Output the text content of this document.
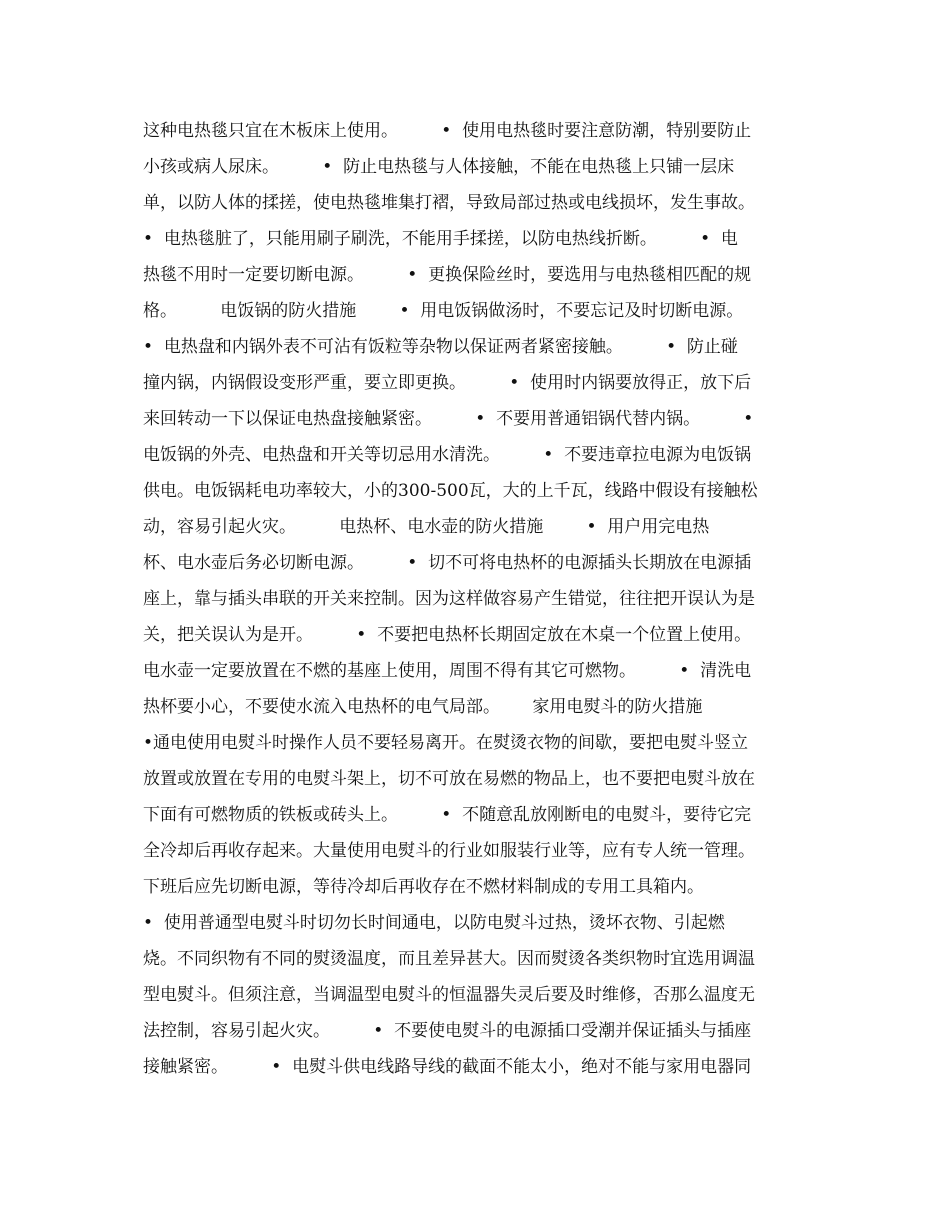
这种电热毯只宜在木板床上使用。        •  使用电热毯时要注意防潮，特别要防止
小孩或病人尿床。        •  防止电热毯与人体接触，不能在电热毯上只铺一层床
单，以防人体的揉搓，使电热毯堆集打褶，导致局部过热或电线损坏，发生事故。
•  电热毯脏了，只能用刷子刷洗，不能用手揉搓，以防电热线折断。        •  电
热毯不用时一定要切断电源。        •  更换保险丝时，要选用与电热毯相匹配的规
格。        电饭锅的防火措施        •  用电饭锅做汤时，不要忘记及时切断电源。
•  电热盘和内锅外表不可沾有饭粒等杂物以保证两者紧密接触。        •  防止碰
撞内锅，内锅假设变形严重，要立即更换。        •  使用时内锅要放得正，放下后
来回转动一下以保证电热盘接触紧密。        •  不要用普通铝锅代替内锅。        •
电饭锅的外壳、电热盘和开关等切忌用水清洗。        •  不要违章拉电源为电饭锅
供电。电饭锅耗电功率较大，小的300-500瓦，大的上千瓦，线路中假设有接触松
动，容易引起火灾。        电热杯、电水壶的防火措施        •  用户用完电热
杯、电水壶后务必切断电源。        •  切不可将电热杯的电源插头长期放在电源插
座上，靠与插头串联的开关来控制。因为这样做容易产生错觉，往往把开误认为是
关，把关误认为是开。        •  不要把电热杯长期固定放在木桌一个位置上使用。
电水壶一定要放置在不燃的基座上使用，周围不得有其它可燃物。        •  清洗电
热杯要小心，不要使水流入电热杯的电气局部。      家用电熨斗的防火措施
•通电使用电熨斗时操作人员不要轻易离开。在熨烫衣物的间歇，要把电熨斗竖立
放置或放置在专用的电熨斗架上，切不可放在易燃的物品上，也不要把电熨斗放在
下面有可燃物质的铁板或砖头上。        •  不随意乱放刚断电的电熨斗，要待它完
全冷却后再收存起来。大量使用电熨斗的行业如服装行业等，应有专人统一管理。
下班后应先切断电源，等待冷却后再收存在不燃材料制成的专用工具箱内。
•  使用普通型电熨斗时切勿长时间通电，以防电熨斗过热，烫坏衣物、引起燃
烧。不同织物有不同的熨烫温度，而且差异甚大。因而熨烫各类织物时宜选用调温
型电熨斗。但须注意，当调温型电熨斗的恒温器失灵后要及时维修，否那么温度无
法控制，容易引起火灾。        •  不要使电熨斗的电源插口受潮并保证插头与插座
接触紧密。        •  电熨斗供电线路导线的截面不能太小，绝对不能与家用电器同
